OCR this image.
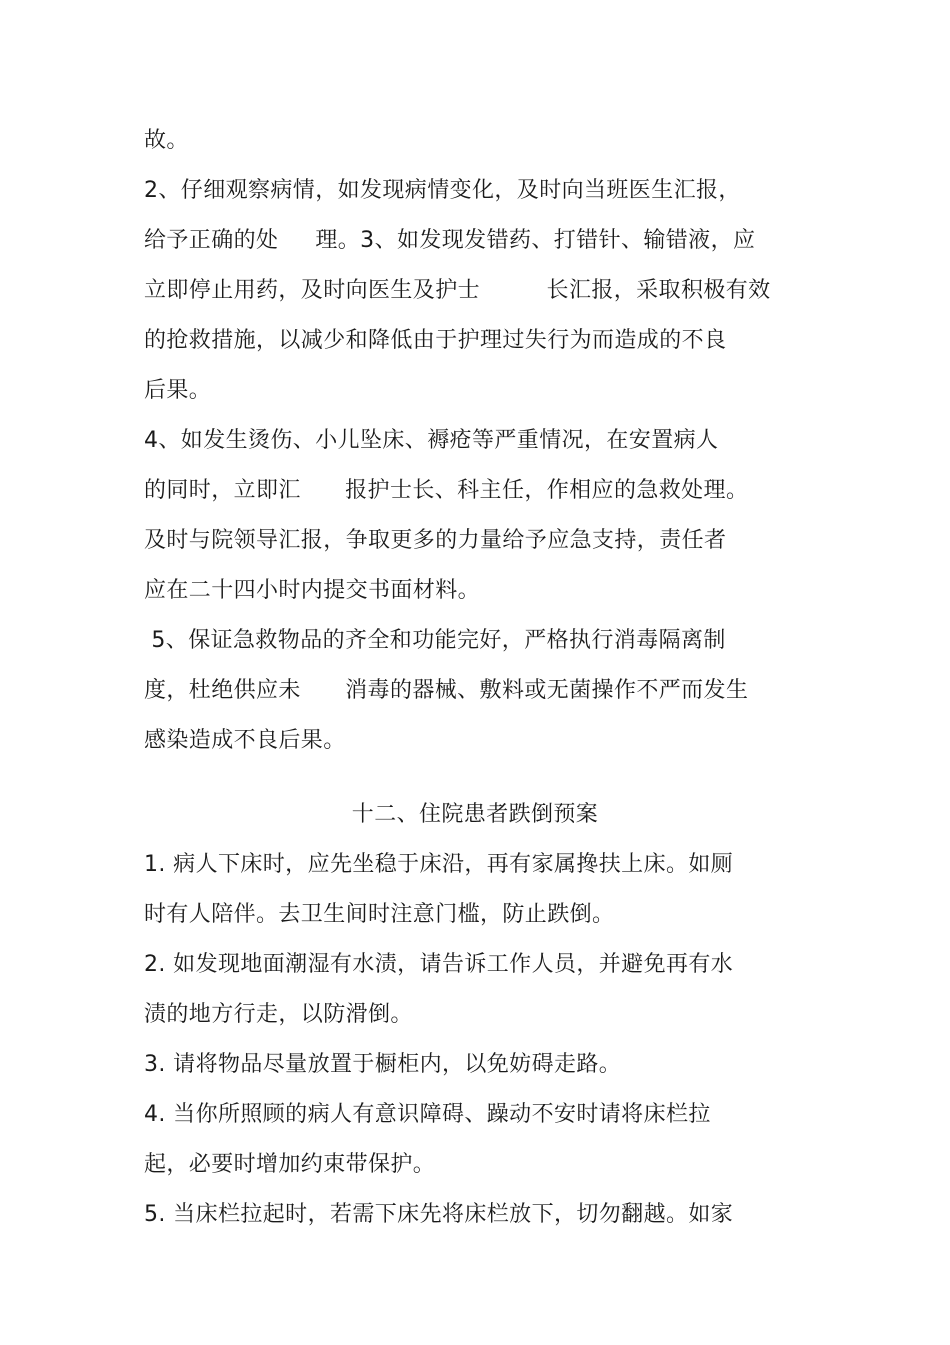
故。
2、仔细观察病情，如发现病情变化，及时向当班医生汇报，
给予正确的处     理。3、如发现发错药、打错针、输错液，应
立即停止用药，及时向医生及护士         长汇报，采取积极有效
的抢救措施，以减少和降低由于护理过失行为而造成的不良
后果。
4、如发生烫伤、小儿坠床、褥疮等严重情况，在安置病人
的同时，立即汇      报护士长、科主任，作相应的急救处理。
及时与院领导汇报，争取更多的力量给予应急支持，责任者
应在二十四小时内提交书面材料。
5、保证急救物品的齐全和功能完好，严格执行消毒隔离制
度，杜绝供应未      消毒的器械、敷料或无菌操作不严而发生
感染造成不良后果。
十二、住院患者跌倒预案
1. 病人下床时，应先坐稳于床沿，再有家属搀扶上床。如厕
时有人陪伴。去卫生间时注意门槛，防止跌倒。
2. 如发现地面潮湿有水渍，请告诉工作人员，并避免再有水
渍的地方行走，以防滑倒。
3. 请将物品尽量放置于橱柜内，以免妨碍走路。
4. 当你所照顾的病人有意识障碍、躁动不安时请将床栏拉
起，必要时增加约束带保护。
5. 当床栏拉起时，若需下床先将床栏放下，切勿翻越。如家
